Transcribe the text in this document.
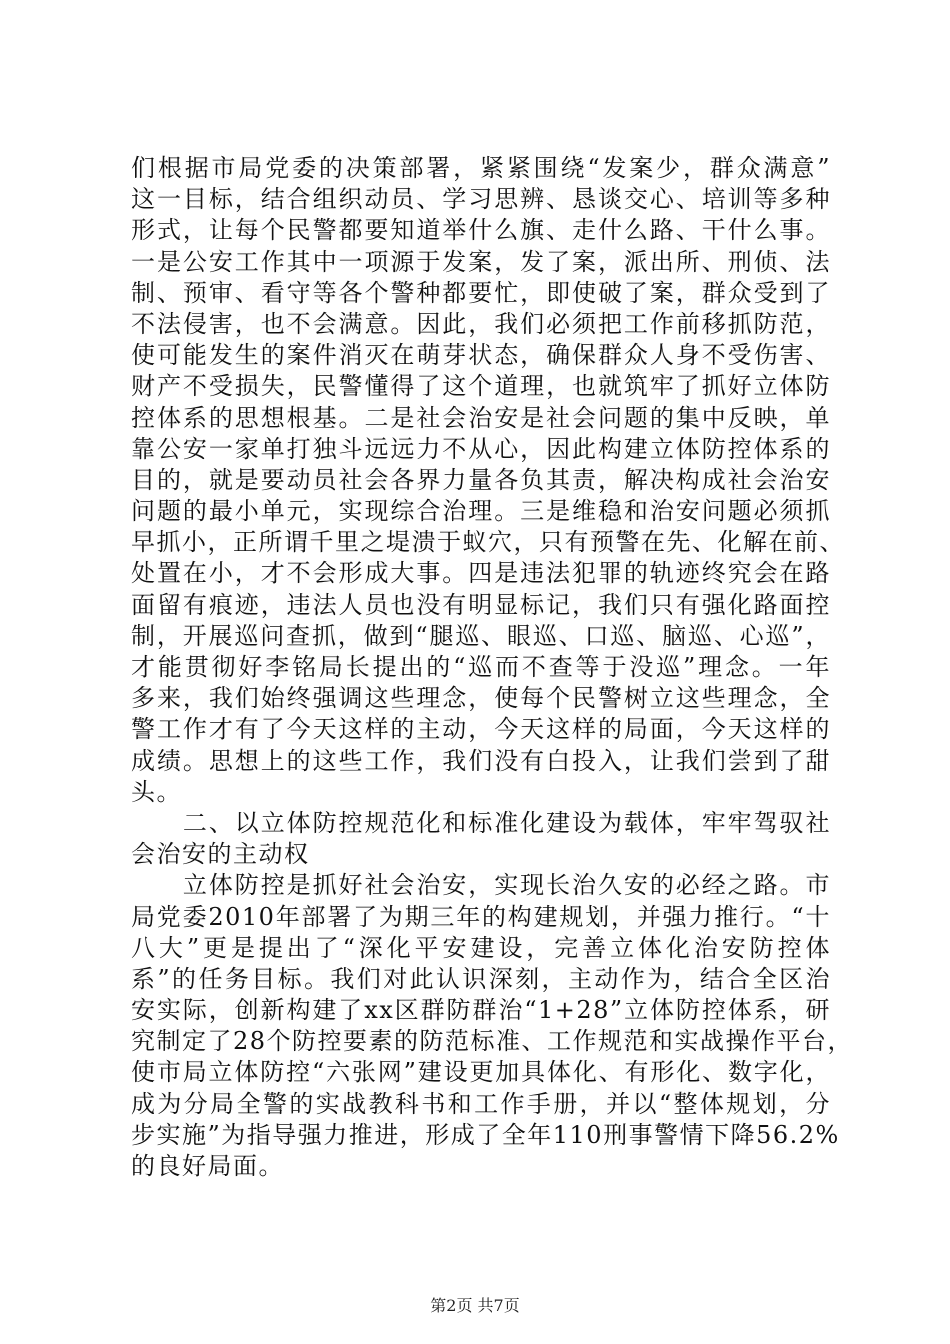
们根据市局党委的决策部署，紧紧围绕“发案少，群众满意”
这一目标，结合组织动员、学习思辨、恳谈交心、培训等多种
形式，让每个民警都要知道举什么旗、走什么路、干什么事。
一是公安工作其中一项源于发案，发了案，派出所、刑侦、法
制、预审、看守等各个警种都要忙，即使破了案，群众受到了
不法侵害，也不会满意。因此，我们必须把工作前移抓防范，
使可能发生的案件消灭在萌芽状态，确保群众人身不受伤害、
财产不受损失，民警懂得了这个道理，也就筑牢了抓好立体防
控体系的思想根基。二是社会治安是社会问题的集中反映，单
靠公安一家单打独斗远远力不从心，因此构建立体防控体系的
目的，就是要动员社会各界力量各负其责，解决构成社会治安
问题的最小单元，实现综合治理。三是维稳和治安问题必须抓
早抓小，正所谓千里之堤溃于蚁穴，只有预警在先、化解在前、
处置在小，才不会形成大事。四是违法犯罪的轨迹终究会在路
面留有痕迹，违法人员也没有明显标记，我们只有强化路面控
制，开展巡问查抓，做到“腿巡、眼巡、口巡、脑巡、心巡”，
才能贯彻好李铭局长提出的“巡而不查等于没巡”理念。一年
多来，我们始终强调这些理念，使每个民警树立这些理念，全
警工作才有了今天这样的主动，今天这样的局面，今天这样的
成绩。思想上的这些工作，我们没有白投入，让我们尝到了甜
头。
　　二、以立体防控规范化和标准化建设为载体，牢牢驾驭社
会治安的主动权
　　立体防控是抓好社会治安，实现长治久安的必经之路。市
局党委2010年部署了为期三年的构建规划，并强力推行。“十
八大”更是提出了“深化平安建设，完善立体化治安防控体
系”的任务目标。我们对此认识深刻，主动作为，结合全区治
安实际，创新构建了xx区群防群治“1+28”立体防控体系，研
究制定了28个防控要素的防范标准、工作规范和实战操作平台，
使市局立体防控“六张网”建设更加具体化、有形化、数字化，
成为分局全警的实战教科书和工作手册，并以“整体规划，分
步实施”为指导强力推进，形成了全年110刑事警情下降56.2%
的良好局面。
第2页 共7页
